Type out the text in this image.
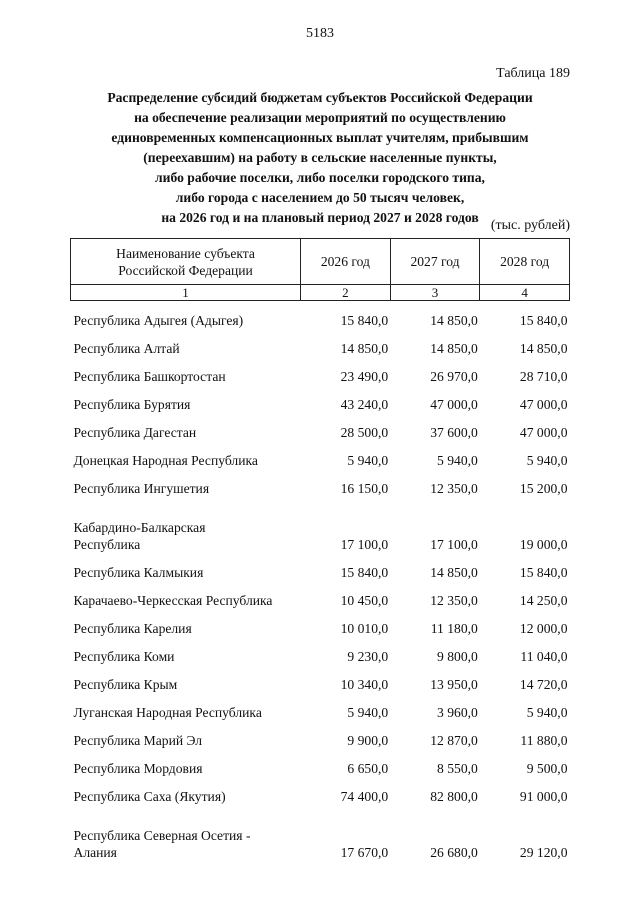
5183
Таблица 189
Распределение субсидий бюджетам субъектов Российской Федерации
на обеспечение реализации мероприятий по осуществлению
единовременных компенсационных выплат учителям, прибывшим
(переехавшим) на работу в сельские населенные пункты,
либо рабочие поселки, либо поселки городского типа,
либо города с населением до 50 тысяч человек,
на 2026 год и на плановый период 2027 и 2028 годов
(тыс. рублей)
Наименование субъекта
Российской Федерации	2026 год	2027 год	2028 год
1	2	3	4
Республика Адыгея (Адыгея)	15 840,0	14 850,0	15 840,0
Республика Алтай	14 850,0	14 850,0	14 850,0
Республика Башкортостан	23 490,0	26 970,0	28 710,0
Республика Бурятия	43 240,0	47 000,0	47 000,0
Республика Дагестан	28 500,0	37 600,0	47 000,0
Донецкая Народная Республика	5 940,0	5 940,0	5 940,0
Республика Ингушетия	16 150,0	12 350,0	15 200,0

Кабардино-Балкарская
Республика	17 100,0	17 100,0	19 000,0
Республика Калмыкия	15 840,0	14 850,0	15 840,0
Карачаево-Черкесская Республика	10 450,0	12 350,0	14 250,0
Республика Карелия	10 010,0	11 180,0	12 000,0
Республика Коми	9 230,0	9 800,0	11 040,0
Республика Крым	10 340,0	13 950,0	14 720,0
Луганская Народная Республика	5 940,0	3 960,0	5 940,0
Республика Марий Эл	9 900,0	12 870,0	11 880,0
Республика Мордовия	6 650,0	8 550,0	9 500,0
Республика Саха (Якутия)	74 400,0	82 800,0	91 000,0

Республика Северная Осетия -
Алания	17 670,0	26 680,0	29 120,0
